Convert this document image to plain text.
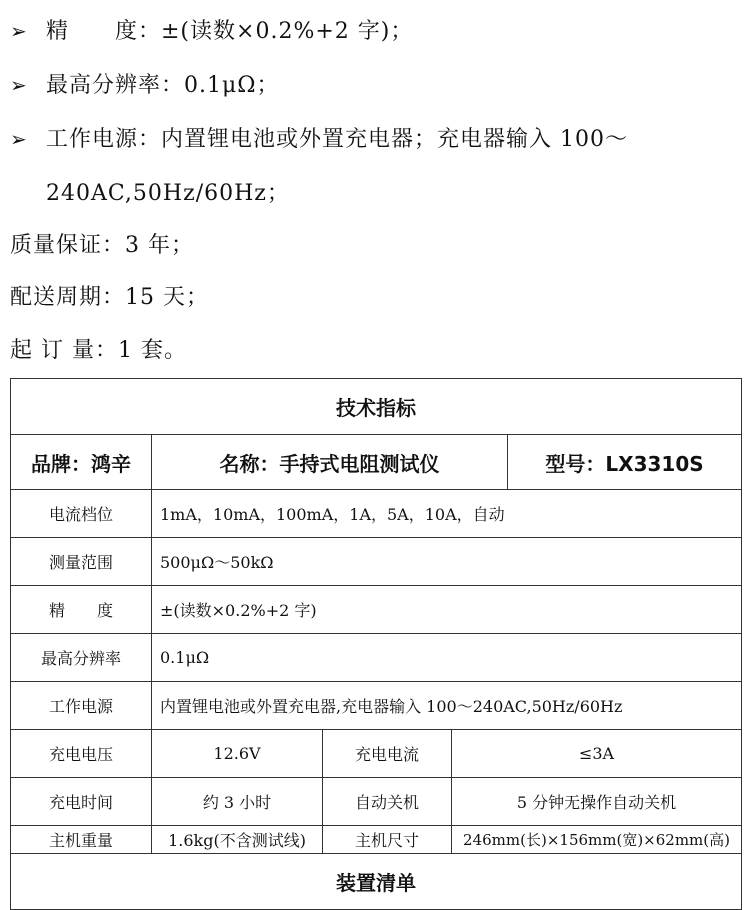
➢ 精　　度：±(读数×0.2%+2 字)；
➢ 最高分辨率：0.1μΩ；
➢ 工作电源：内置锂电池或外置充电器；充电器输入 100～
240AC,50Hz/60Hz；
质量保证：3 年；
配送周期：15 天；
起 订 量：1 套。
技术指标				
品牌：鸿辛	名称：手持式电阻测试仪			型号：LX3310S
电流档位	1mA，10mA，100mA，1A，5A，10A，自动			
测量范围	500μΩ～50kΩ			
精　　度	±(读数×0.2%+2 字)			
最高分辨率	0.1μΩ			
工作电源	内置锂电池或外置充电器,充电器输入 100～240AC,50Hz/60Hz			
充电电压	12.6V	充电电流	≤3A	
充电时间	约 3 小时	自动关机	5 分钟无操作自动关机	
主机重量	1.6kg(不含测试线)	主机尺寸	246mm(长)×156mm(宽)×62mm(高)	
装置清单				
